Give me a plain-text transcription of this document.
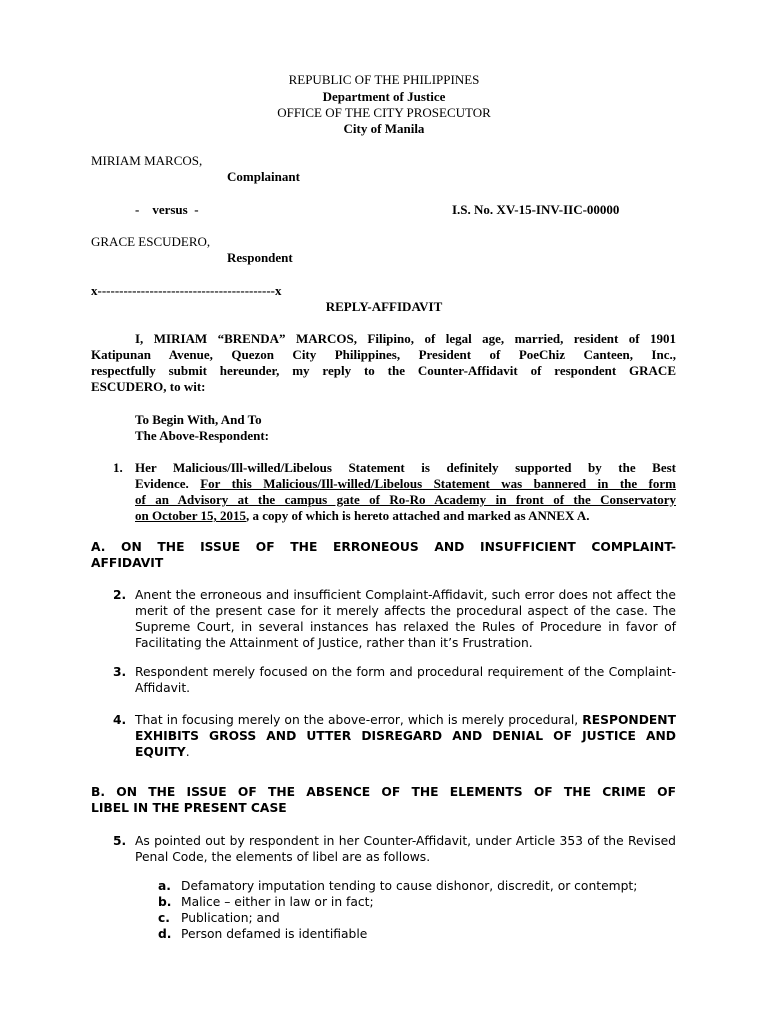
REPUBLIC OF THE PHILIPPINES
Department of Justice
OFFICE OF THE CITY PROSECUTOR
City of Manila
MIRIAM MARCOS,
Complainant
-    versus  -	I.S. No. XV-15-INV-IIC-00000
GRACE ESCUDERO,
Respondent
x-----------------------------------------x
REPLY-AFFIDAVIT
I, MIRIAM “BRENDA” MARCOS, Filipino, of legal age, married, resident of 1901
Katipunan Avenue, Quezon City Philippines, President of PoeChiz Canteen, Inc.,
respectfully submit hereunder, my reply to the Counter-Affidavit of respondent GRACE
ESCUDERO, to wit:
To Begin With, And To
The Above-Respondent:
1. Her Malicious/Ill-willed/Libelous Statement is definitely supported by the Best
Evidence. For this Malicious/Ill-willed/Libelous Statement was bannered in the form
of an Advisory at the campus gate of Ro-Ro Academy in front of the Conservatory
on October 15, 2015, a copy of which is hereto attached and marked as ANNEX A.
A.  ON  THE  ISSUE  OF  THE  ERRONEOUS  AND  INSUFFICIENT  COMPLAINT-
AFFIDAVIT
2. Anent the erroneous and insufficient Complaint-Affidavit, such error does not affect the
merit of the present case for it merely affects the procedural aspect of the case. The
Supreme Court, in several instances has relaxed the Rules of Procedure in favor of
Facilitating the Attainment of Justice, rather than it’s Frustration.
3. Respondent merely focused on the form and procedural requirement of the Complaint-
Affidavit.
4. That in focusing merely on the above-error, which is merely procedural, RESPONDENT
EXHIBITS GROSS AND UTTER DISREGARD AND DENIAL OF JUSTICE AND
EQUITY.
B.  ON  THE  ISSUE  OF  THE  ABSENCE  OF  THE  ELEMENTS  OF  THE  CRIME  OF
LIBEL IN THE PRESENT CASE
5. As pointed out by respondent in her Counter-Affidavit, under Article 353 of the Revised
Penal Code, the elements of libel are as follows.
a. Defamatory imputation tending to cause dishonor, discredit, or contempt;
b. Malice – either in law or in fact;
c. Publication; and
d. Person defamed is identifiable
